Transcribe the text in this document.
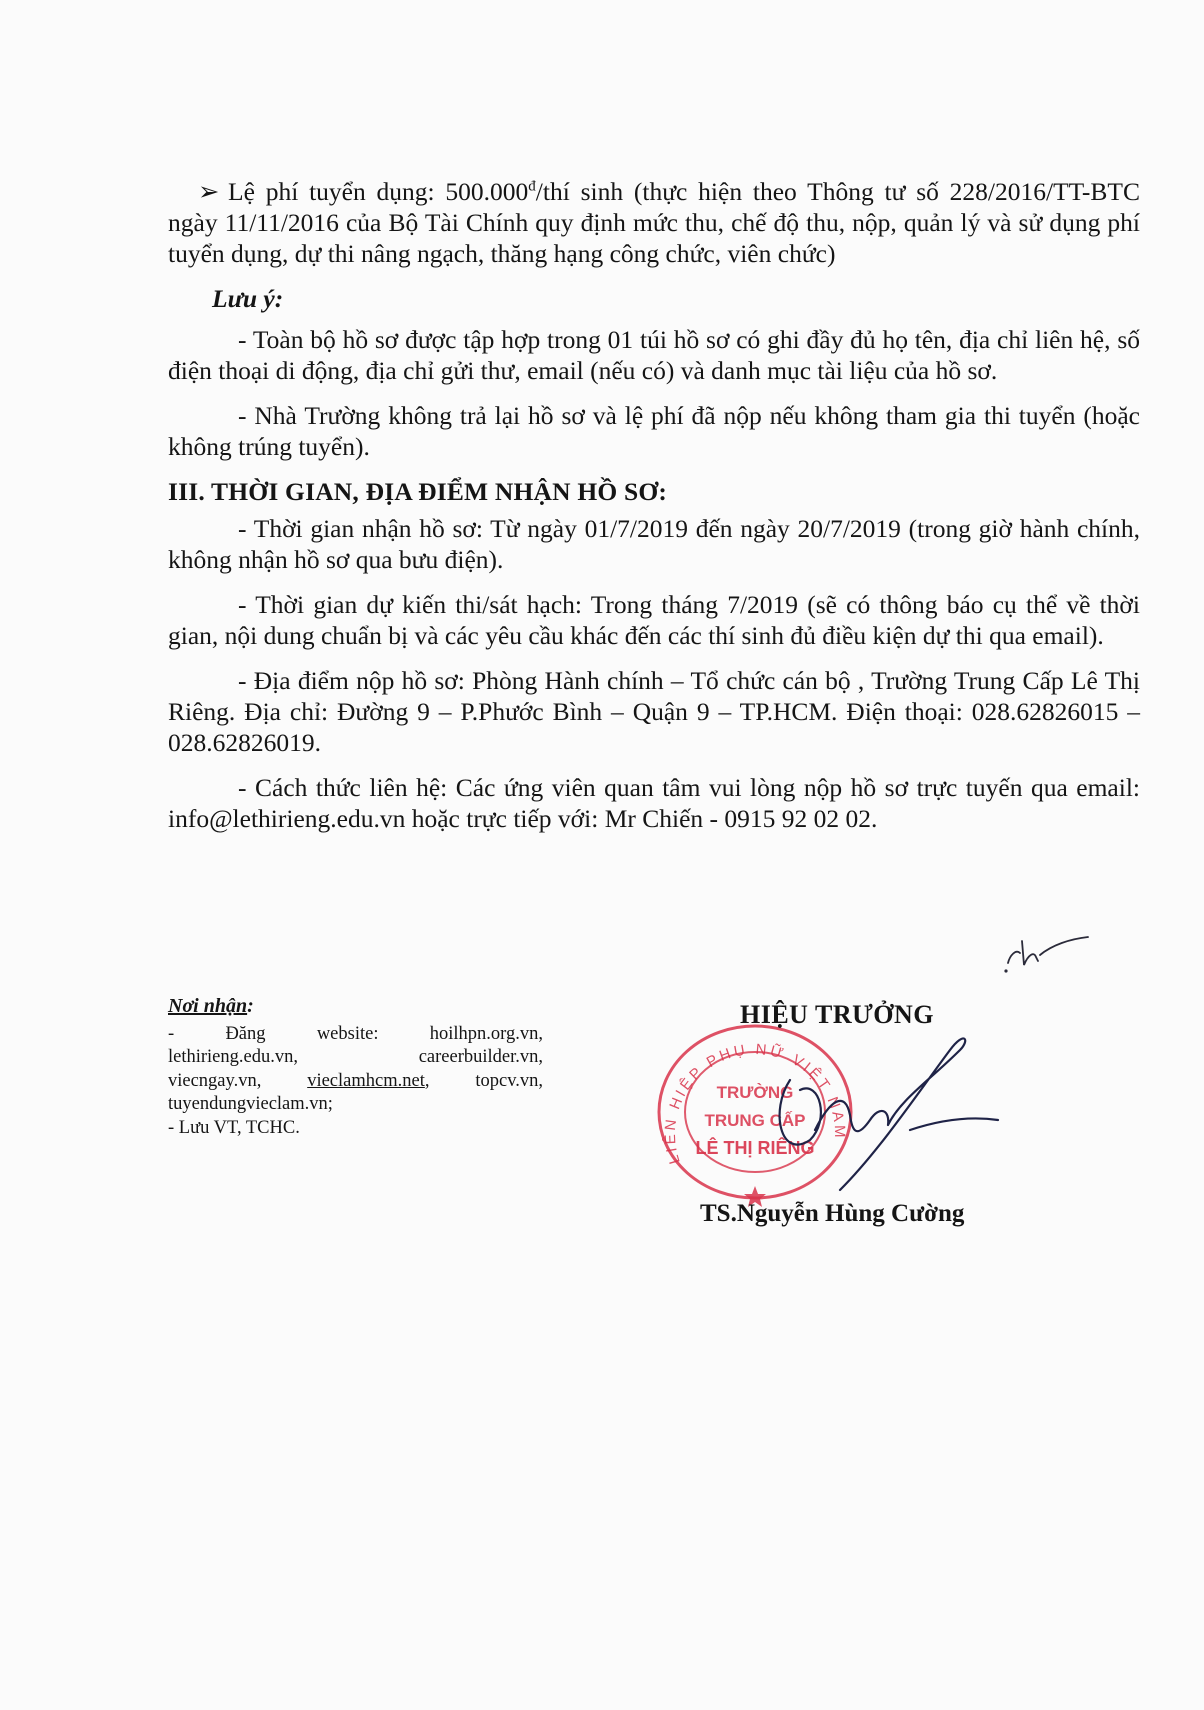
➢ Lệ phí tuyển dụng: $500.000^đ$/thí sinh (thực hiện theo Thông tư số 228/2016/TT-BTC ngày 11/11/2016 của Bộ Tài Chính quy định mức thu, chế độ thu, nộp, quản lý và sử dụng phí tuyển dụng, dự thi nâng ngạch, thăng hạng công chức, viên chức)

Lưu ý:

- Toàn bộ hồ sơ được tập hợp trong 01 túi hồ sơ có ghi đầy đủ họ tên, địa chỉ liên hệ, số điện thoại di động, địa chỉ gửi thư, email (nếu có) và danh mục tài liệu của hồ sơ.

- Nhà Trường không trả lại hồ sơ và lệ phí đã nộp nếu không tham gia thi tuyển (hoặc không trúng tuyển).

III. THỜI GIAN, ĐỊA ĐIỂM NHẬN HỒ SƠ:

- Thời gian nhận hồ sơ: Từ ngày 01/7/2019 đến ngày 20/7/2019 (trong giờ hành chính, không nhận hồ sơ qua bưu điện).

- Thời gian dự kiến thi/sát hạch: Trong tháng 7/2019 (sẽ có thông báo cụ thể về thời gian, nội dung chuẩn bị và các yêu cầu khác đến các thí sinh đủ điều kiện dự thi qua email).

- Địa điểm nộp hồ sơ: Phòng Hành chính – Tổ chức cán bộ , Trường Trung Cấp Lê Thị Riêng. Địa chỉ: Đường 9 – P.Phước Bình – Quận 9 – TP.HCM. Điện thoại: 028.62826015 – 028.62826019.

- Cách thức liên hệ: Các ứng viên quan tâm vui lòng nộp hồ sơ trực tuyến qua email: info@lethirieng.edu.vn hoặc trực tiếp với: Mr Chiến - 0915 92 02 02.

Nơi nhận:
- Đăng website: hoilhpn.org.vn,
lethirieng.edu.vn, careerbuilder.vn,
viecngay.vn, vieclamhcm.net, topcv.vn,
tuyendungvieclam.vn;
- Lưu VT, TCHC.
LIÊN HIỆP PHỤ NỮ VIỆT NAM
TRƯỜNG
TRUNG CẤP
LÊ THỊ RIÊNG
HIỆU TRƯỞNG
TS.Nguyễn Hùng Cường
